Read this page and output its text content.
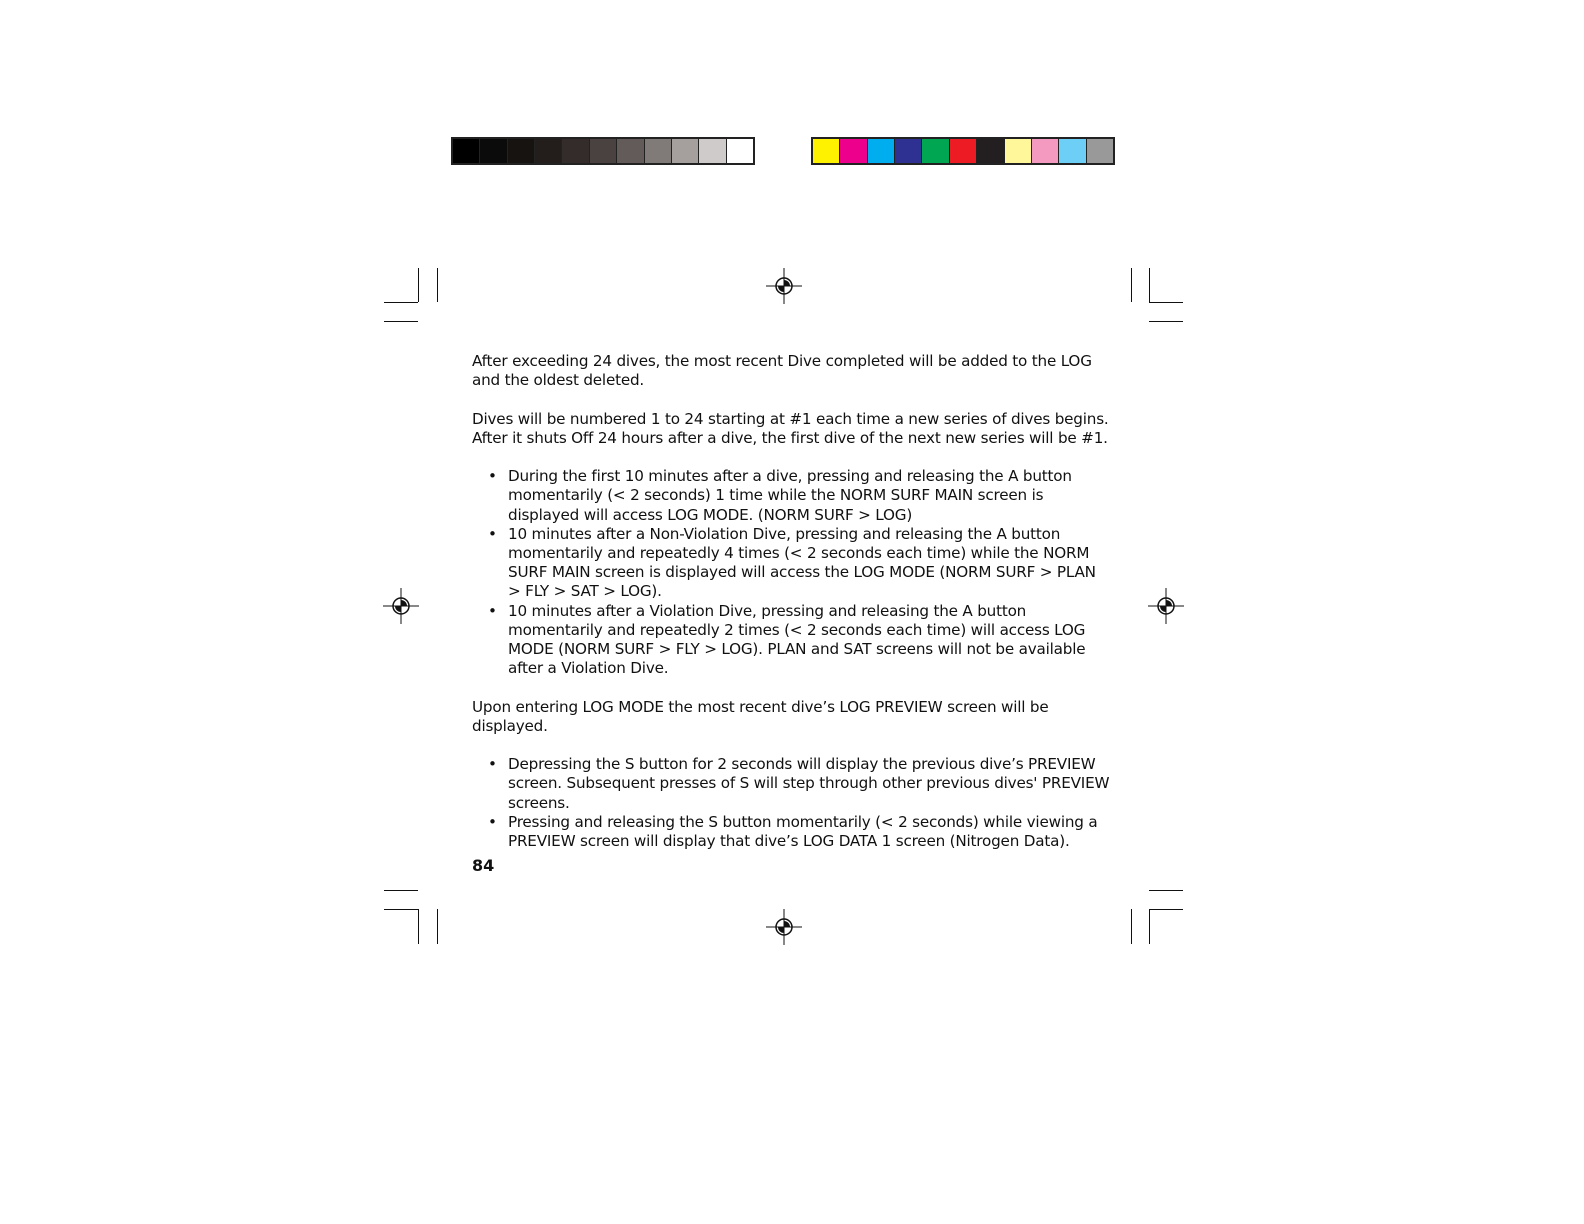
After exceeding 24 dives, the most recent Dive completed will be added to the LOG and the oldest deleted.

Dives will be numbered 1 to 24 starting at #1 each time a new series of dives begins.
After it shuts Off 24 hours after a dive, the first dive of the next new series will be #1.

• During the first 10 minutes after a dive, pressing and releasing the A button momentarily (< 2 seconds) 1 time while the NORM SURF MAIN screen is displayed will access LOG MODE. (NORM SURF > LOG)
• 10 minutes after a Non-Violation Dive, pressing and releasing the A button momentarily and repeatedly 4 times (< 2 seconds each time) while the NORM SURF MAIN screen is displayed will access the LOG MODE (NORM SURF > PLAN > FLY > SAT > LOG).
• 10 minutes after a Violation Dive, pressing and releasing the A button momentarily and repeatedly 2 times (< 2 seconds each time) will access LOG MODE (NORM SURF > FLY > LOG). PLAN and SAT screens will not be available after a Violation Dive.

Upon entering LOG MODE the most recent dive’s LOG PREVIEW screen will be displayed.

• Depressing the S button for 2 seconds will display the previous dive’s PREVIEW screen. Subsequent presses of S will step through other previous dives' PREVIEW screens.
• Pressing and releasing the S button momentarily (< 2 seconds) while viewing a PREVIEW screen will display that dive’s LOG DATA 1 screen (Nitrogen Data).
84
